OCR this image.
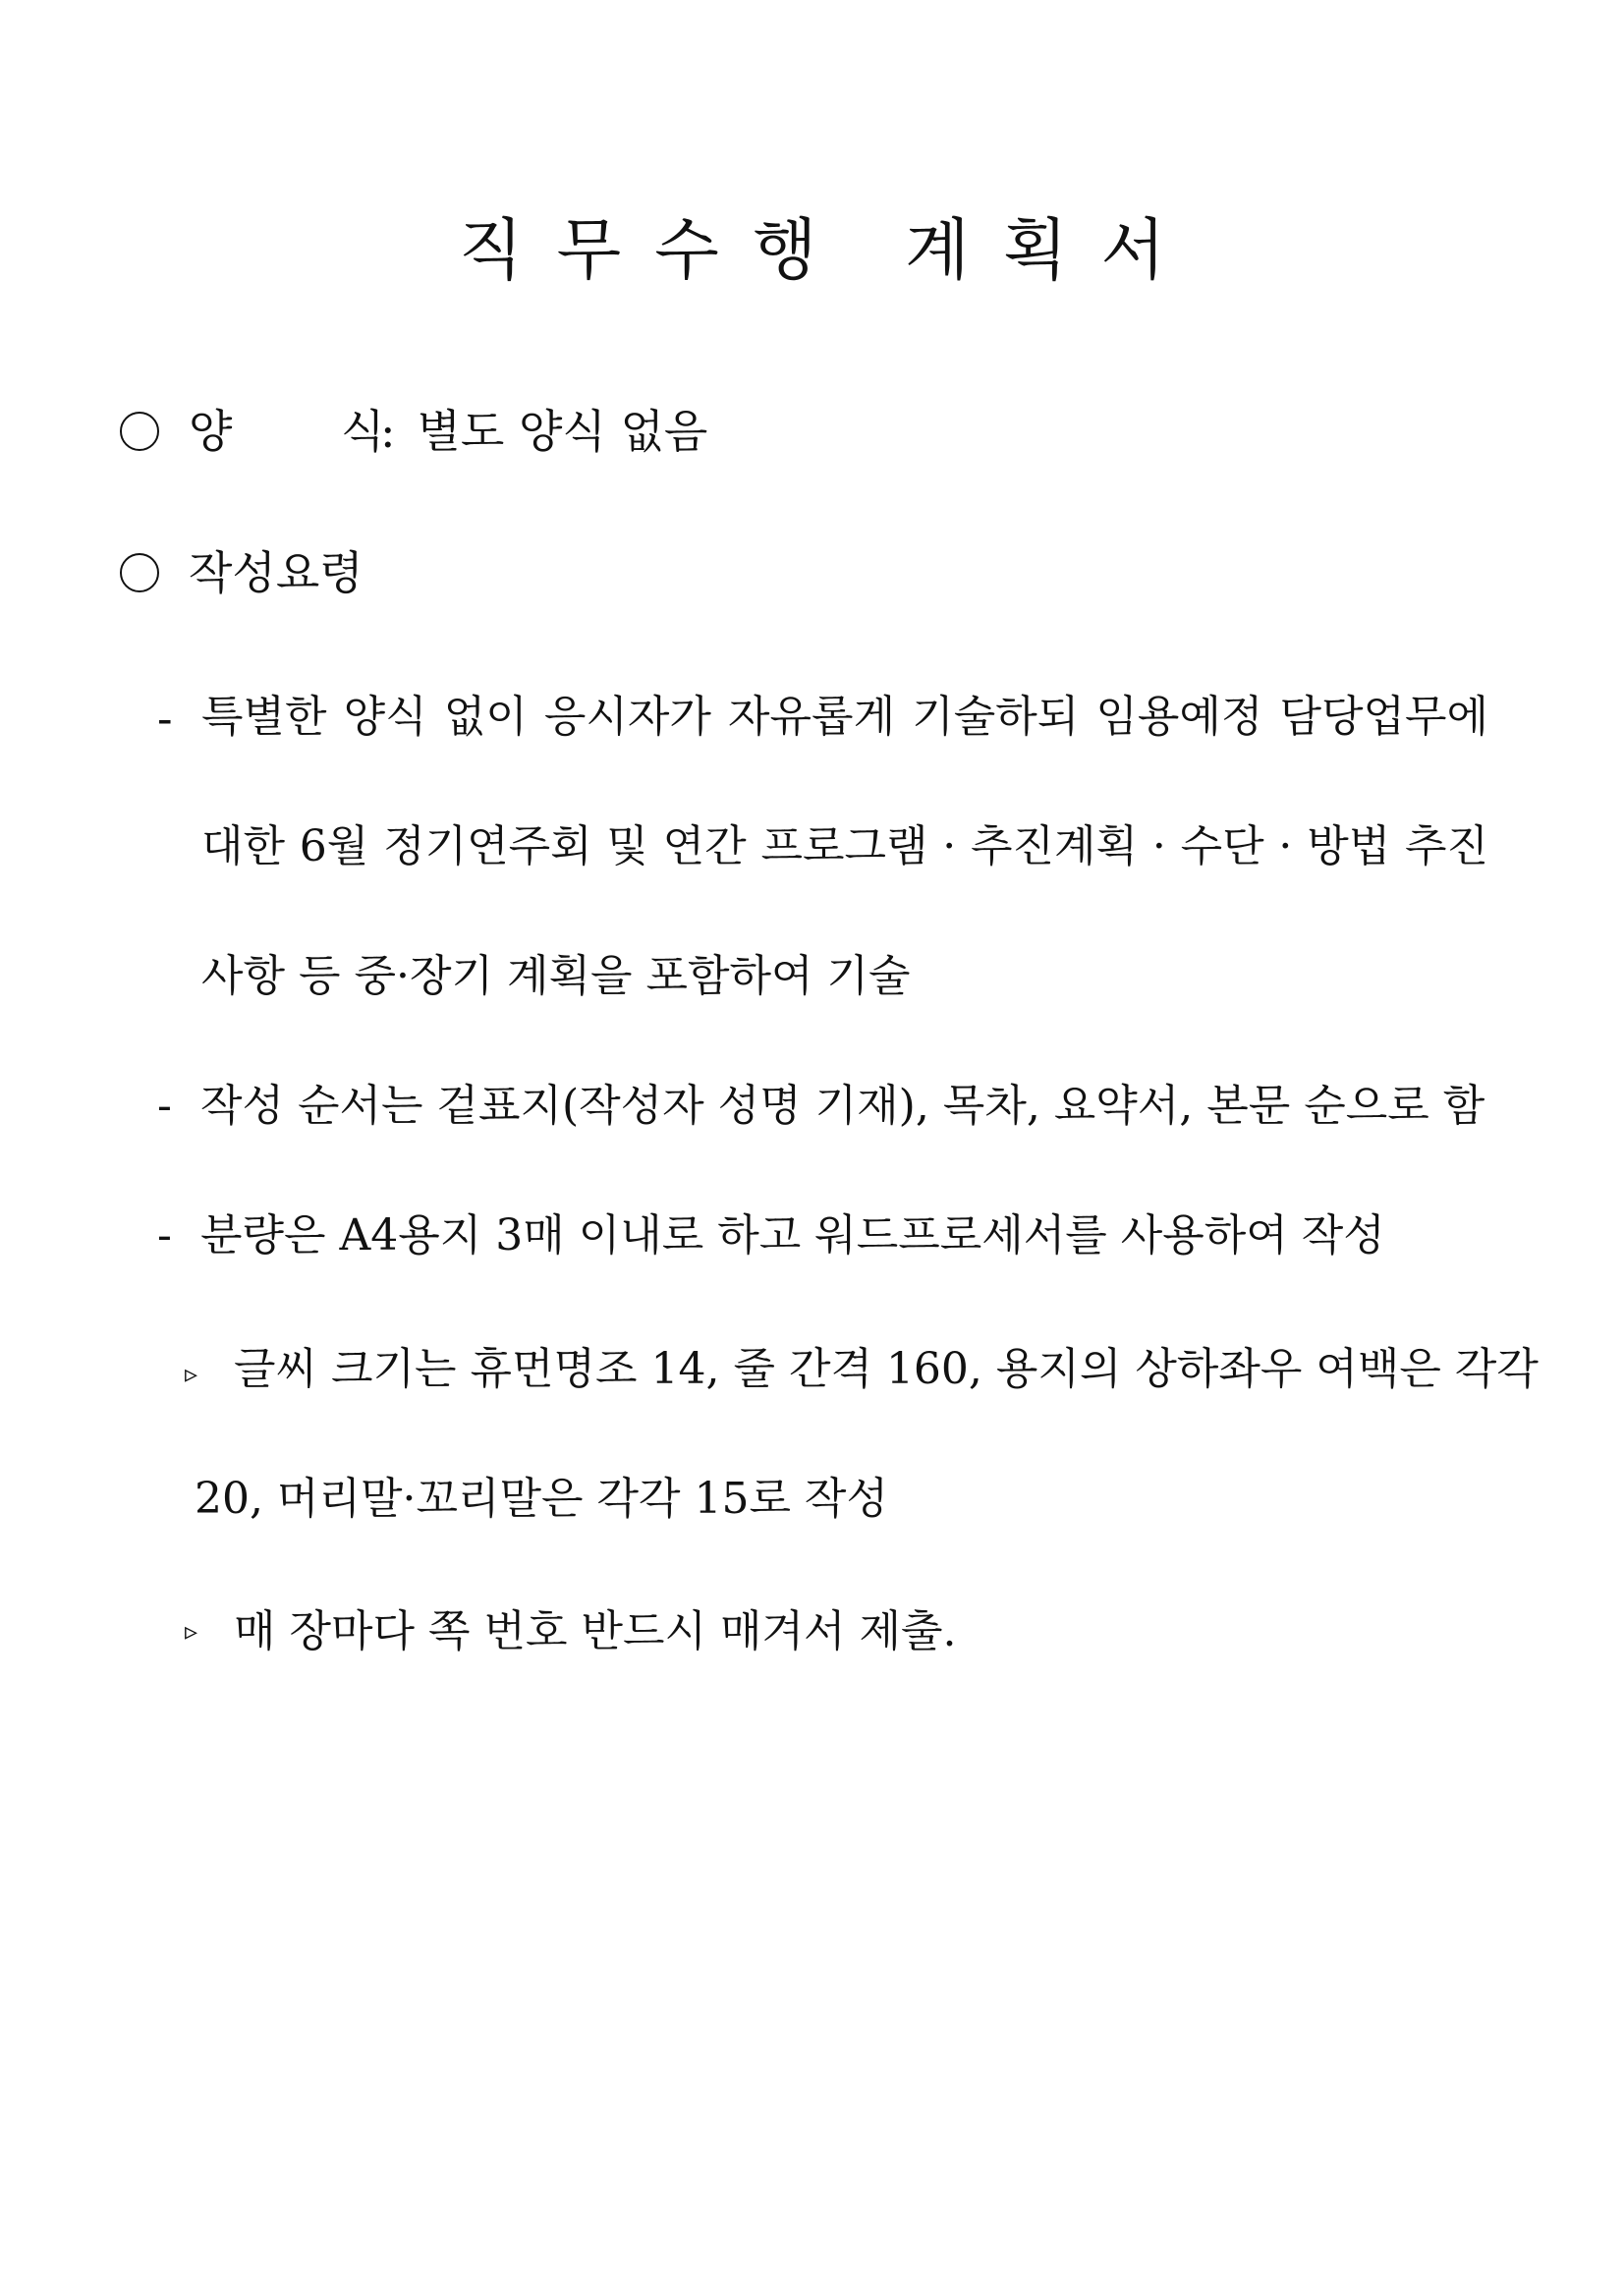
직무수행 계획서
양 식: 별도 양식 없음
작성요령
- 특별한 양식 없이 응시자가 자유롭게 기술하되 임용예정 담당업무에
대한 6월 정기연주회 및 연간 프로그램 · 추진계획 · 수단 · 방법 추진
사항 등 중·장기 계획을 포함하여 기술
- 작성 순서는 겉표지(작성자 성명 기재), 목차, 요약서, 본문 순으로 함
- 분량은 A4용지 3매 이내로 하고 워드프로세서를 사용하여 작성
▹ 글씨 크기는 휴먼명조 14, 줄 간격 160, 용지의 상하좌우 여백은 각각
20, 머리말·꼬리말은 각각 15로 작성
▹ 매 장마다 쪽 번호 반드시 매겨서 제출.
